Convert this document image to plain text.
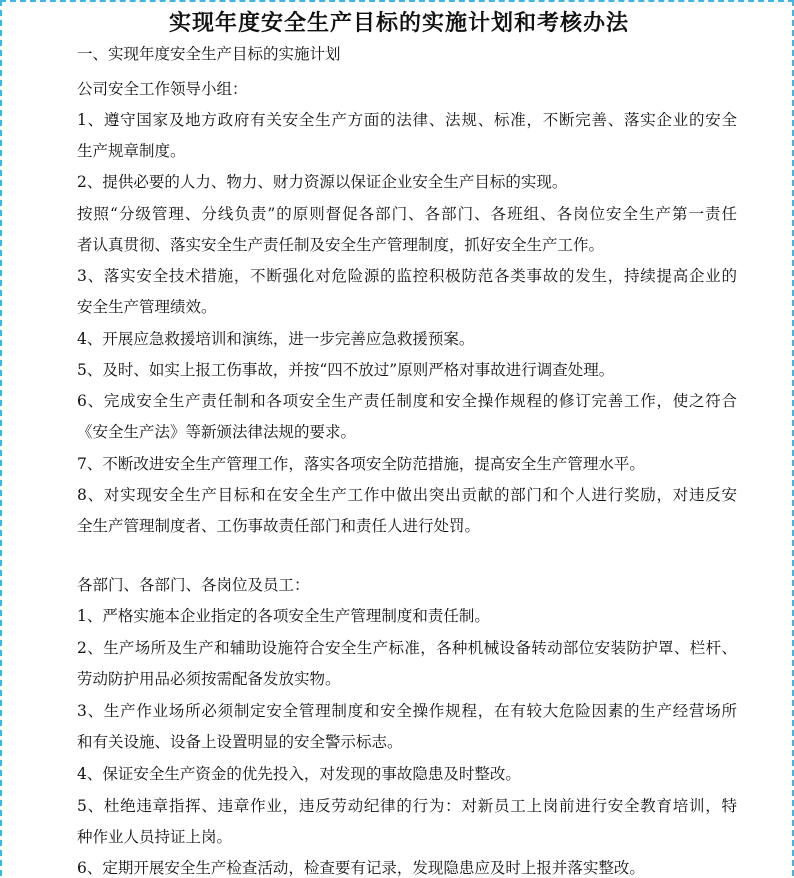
实现年度安全生产目标的实施计划和考核办法
一、实现年度安全生产目标的实施计划
公司安全工作领导小组：
1、遵守国家及地方政府有关安全生产方面的法律、法规、标准，不断完善、落实企业的安全
生产规章制度。
2、提供必要的人力、物力、财力资源以保证企业安全生产目标的实现。
按照“分级管理、分线负责”的原则督促各部门、各部门、各班组、各岗位安全生产第一责任
者认真贯彻、落实安全生产责任制及安全生产管理制度，抓好安全生产工作。
3、落实安全技术措施，不断强化对危险源的监控积极防范各类事故的发生，持续提高企业的
安全生产管理绩效。
4、开展应急救援培训和演练，进一步完善应急救援预案。
5、及时、如实上报工伤事故，并按“四不放过”原则严格对事故进行调查处理。
6、完成安全生产责任制和各项安全生产责任制度和安全操作规程的修订完善工作，使之符合
《安全生产法》等新颁法律法规的要求。
7、不断改进安全生产管理工作，落实各项安全防范措施，提高安全生产管理水平。
8、对实现安全生产目标和在安全生产工作中做出突出贡献的部门和个人进行奖励，对违反安
全生产管理制度者、工伤事故责任部门和责任人进行处罚。
各部门、各部门、各岗位及员工：
1、严格实施本企业指定的各项安全生产管理制度和责任制。
2、生产场所及生产和辅助设施符合安全生产标准，各种机械设备转动部位安装防护罩、栏杆、
劳动防护用品必须按需配备发放实物。
3、生产作业场所必须制定安全管理制度和安全操作规程，在有较大危险因素的生产经营场所
和有关设施、设备上设置明显的安全警示标志。
4、保证安全生产资金的优先投入，对发现的事故隐患及时整改。
5、杜绝违章指挥、违章作业，违反劳动纪律的行为：对新员工上岗前进行安全教育培训，特
种作业人员持证上岗。
6、定期开展安全生产检查活动，检查要有记录，发现隐患应及时上报并落实整改。
